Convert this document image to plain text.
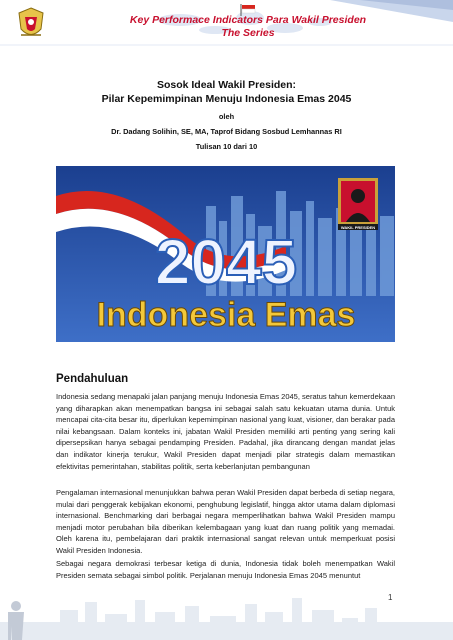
Key Performace Indicators Para Wakil Presiden
The Series
Sosok Ideal Wakil Presiden:
Pilar Kepemimpinan Menuju Indonesia Emas 2045
oleh
Dr. Dadang Solihin, SE, MA, Taprof Bidang Sosbud Lemhannas RI
Tulisan 10 dari 10
WAKIL PRESIDEN
2045
Indonesia Emas
Pendahuluan

Indonesia sedang menapaki jalan panjang menuju Indonesia Emas 2045, seratus tahun kemerdekaan yang diharapkan akan menempatkan bangsa ini sebagai salah satu kekuatan utama dunia. Untuk mencapai cita-cita besar itu, diperlukan kepemimpinan nasional yang kuat, visioner, dan berakar pada nilai kebangsaan. Dalam konteks ini, jabatan Wakil Presiden memiliki arti penting yang sering kali dipersepsikan hanya sebagai pendamping Presiden. Padahal, jika dirancang dengan mandat jelas dan indikator kinerja terukur, Wakil Presiden dapat menjadi pilar strategis dalam memastikan efektivitas pemerintahan, stabilitas politik, serta keberlanjutan pembangunan

Pengalaman internasional menunjukkan bahwa peran Wakil Presiden dapat berbeda di setiap negara, mulai dari penggerak kebijakan ekonomi, penghubung legislatif, hingga aktor utama dalam diplomasi internasional. Benchmarking dari berbagai negara memperlihatkan bahwa Wakil Presiden mampu menjadi motor perubahan bila diberikan kelembagaan yang kuat dan ruang politik yang memadai. Oleh karena itu, pembelajaran dari praktik internasional sangat relevan untuk memperkuat posisi Wakil Presiden Indonesia.

Sebagai negara demokrasi terbesar ketiga di dunia, Indonesia tidak boleh menempatkan Wakil Presiden semata sebagai simbol politik. Perjalanan menuju Indonesia Emas 2045 menuntut

1
